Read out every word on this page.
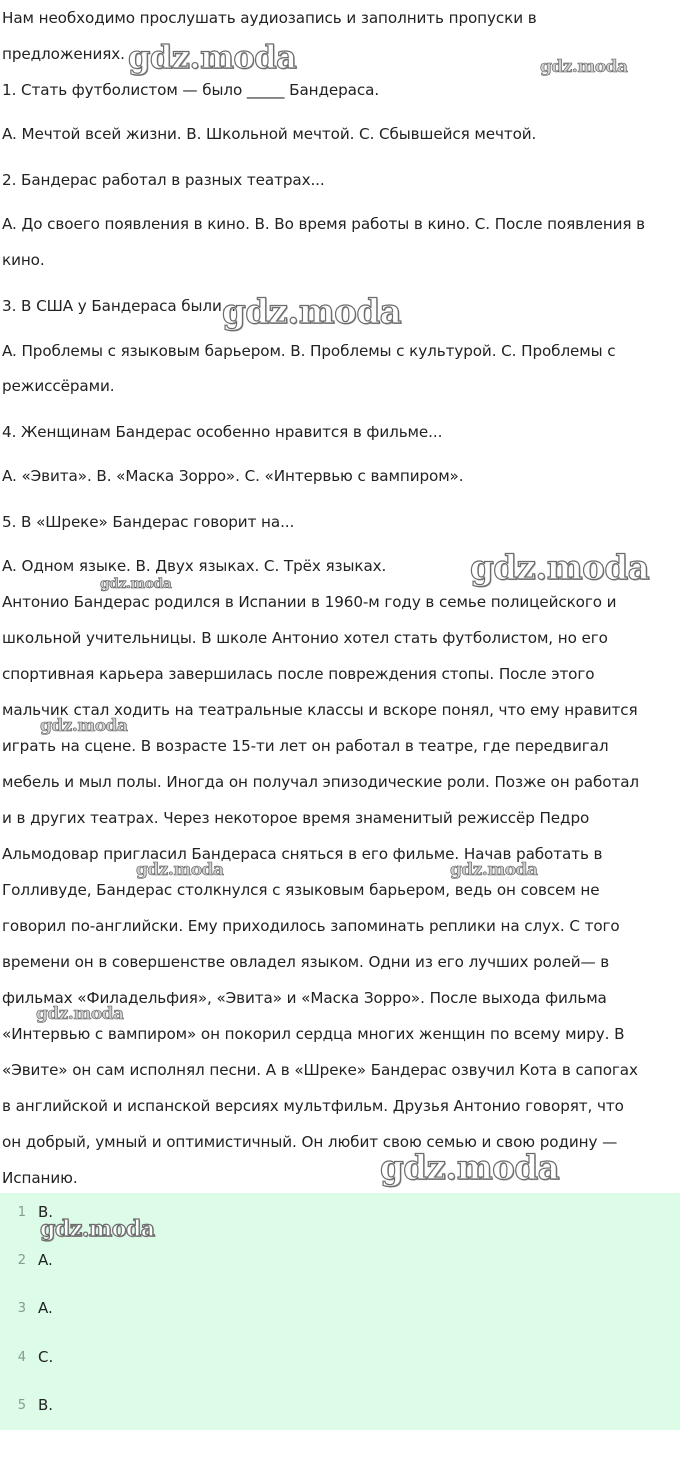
Нам необходимо прослушать аудиозапись и заполнить пропуски в
предложениях.
1. Стать футболистом — было _____ Бандераса.
A. Мечтой всей жизни. B. Школьной мечтой. C. Сбывшейся мечтой.
2. Бандерас работал в разных театрах...
A. До своего появления в кино. B. Во время работы в кино. C. После появления в
кино.
3. В США у Бандераса были...
A. Проблемы с языковым барьером. B. Проблемы с культурой. C. Проблемы с
режиссёрами.
4. Женщинам Бандерас особенно нравится в фильме...
A. «Эвита». B. «Маска Зорро». C. «Интервью с вампиром».
5. В «Шреке» Бандерас говорит на...
A. Одном языке. B. Двух языках. C. Трёх языках.
Антонио Бандерас родился в Испании в 1960-м году в семье полицейского и
школьной учительницы. В школе Антонио хотел стать футболистом, но его
спортивная карьера завершилась после повреждения стопы. После этого
мальчик стал ходить на театральные классы и вскоре понял, что ему нравится
играть на сцене. В возрасте 15-ти лет он работал в театре, где передвигал
мебель и мыл полы. Иногда он получал эпизодические роли. Позже он работал
и в других театрах. Через некоторое время знаменитый режиссёр Педро
Альмодовар пригласил Бандераса сняться в его фильме. Начав работать в
Голливуде, Бандерас столкнулся с языковым барьером, ведь он совсем не
говорил по-английски. Ему приходилось запоминать реплики на слух. С того
времени он в совершенстве овладел языком. Одни из его лучших ролей— в
фильмах «Филадельфия», «Эвита» и «Маска Зорро». После выхода фильма
«Интервью с вампиром» он покорил сердца многих женщин по всему миру. В
«Эвите» он сам исполнял песни. А в «Шреке» Бандерас озвучил Кота в сапогах
в английской и испанской версиях мультфильм. Друзья Антонио говорят, что
он добрый, умный и оптимистичный. Он любит свою семью и свою родину —
Испанию.
1 B.
2 A.
3 A.
4 C.
5 B.
gdz.moda	gdz.moda
gdz.moda
gdz.moda
gdz.moda
gdz.moda
gdz.moda	gdz.moda
gdz.moda
gdz.moda
gdz.moda
